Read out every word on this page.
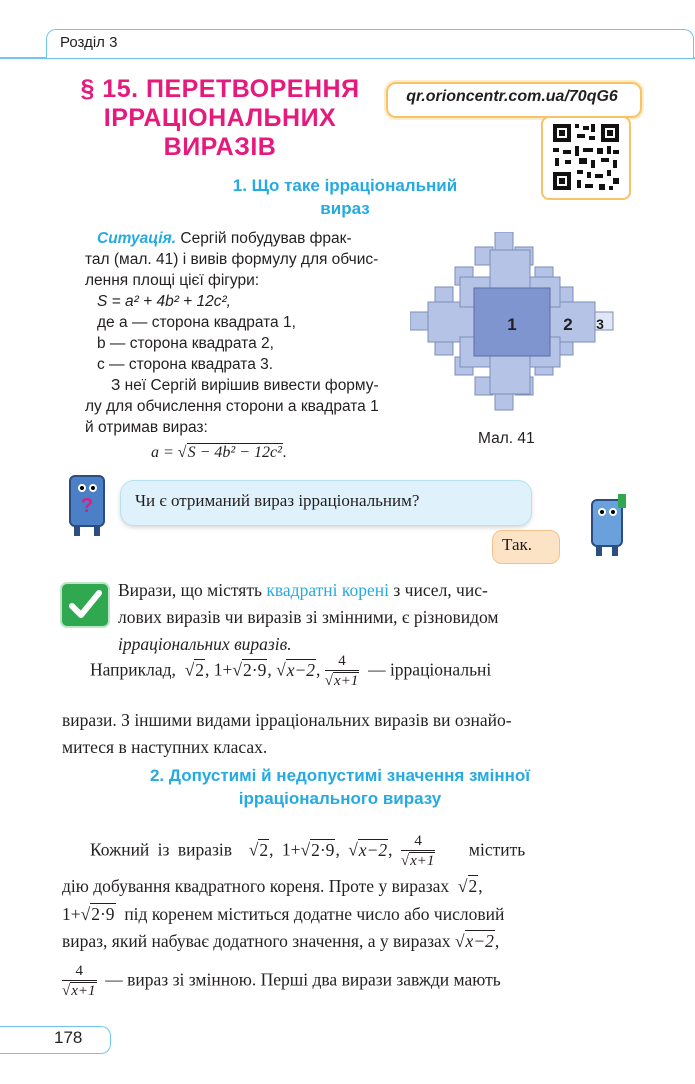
Розділ 3
§ 15. ПЕРЕТВОРЕННЯ
ІРРАЦІОНАЛЬНИХ
ВИРАЗІВ
qr.orioncentr.com.ua/70qG6
1. Що таке ірраціональний
вираз
Ситуація. Сергій побудував фрак-
тал (мал. 41) і вивів формулу для обчис-
лення площі цієї фігури:
S = a² + 4b² + 12c²,
де a — сторона квадрата 1,
b — сторона квадрата 2,
c — сторона квадрата 3.
З неї Сергій вирішив вивести форму-
лу для обчислення сторони a квадрата 1
й отримав вираз:
a = √S − 4b² − 12c².
1	2 3
Мал. 41
? Чи є отриманий вираз ірраціональним?
Так.
Вирази, що містять квадратні корені з чисел, чис-
лових виразів чи виразів зі змінними, є різновидом
ірраціональних виразів.
Наприклад,  √2, 1+√2·9, √x−2, $\frac{4}{√x+1}$ — ірраціональні
вирази. З іншими видами ірраціональних виразів ви ознайо-
митеся в наступних класах.
2. Допустимі й недопустимі значення змінної
ірраціонального виразу
Кожний із виразів  √2, 1+√2·9, √x−2, $\frac{4}{√x+1}$ містить
дію добування квадратного кореня. Проте у виразах  √2,
1+√2·9 під коренем міститься додатне число або числовий
вираз, який набуває додатного значення, а у виразах √x−2,
$\frac{4}{√x+1}$ — вираз зі змінною. Перші два вирази завжди мають
178
